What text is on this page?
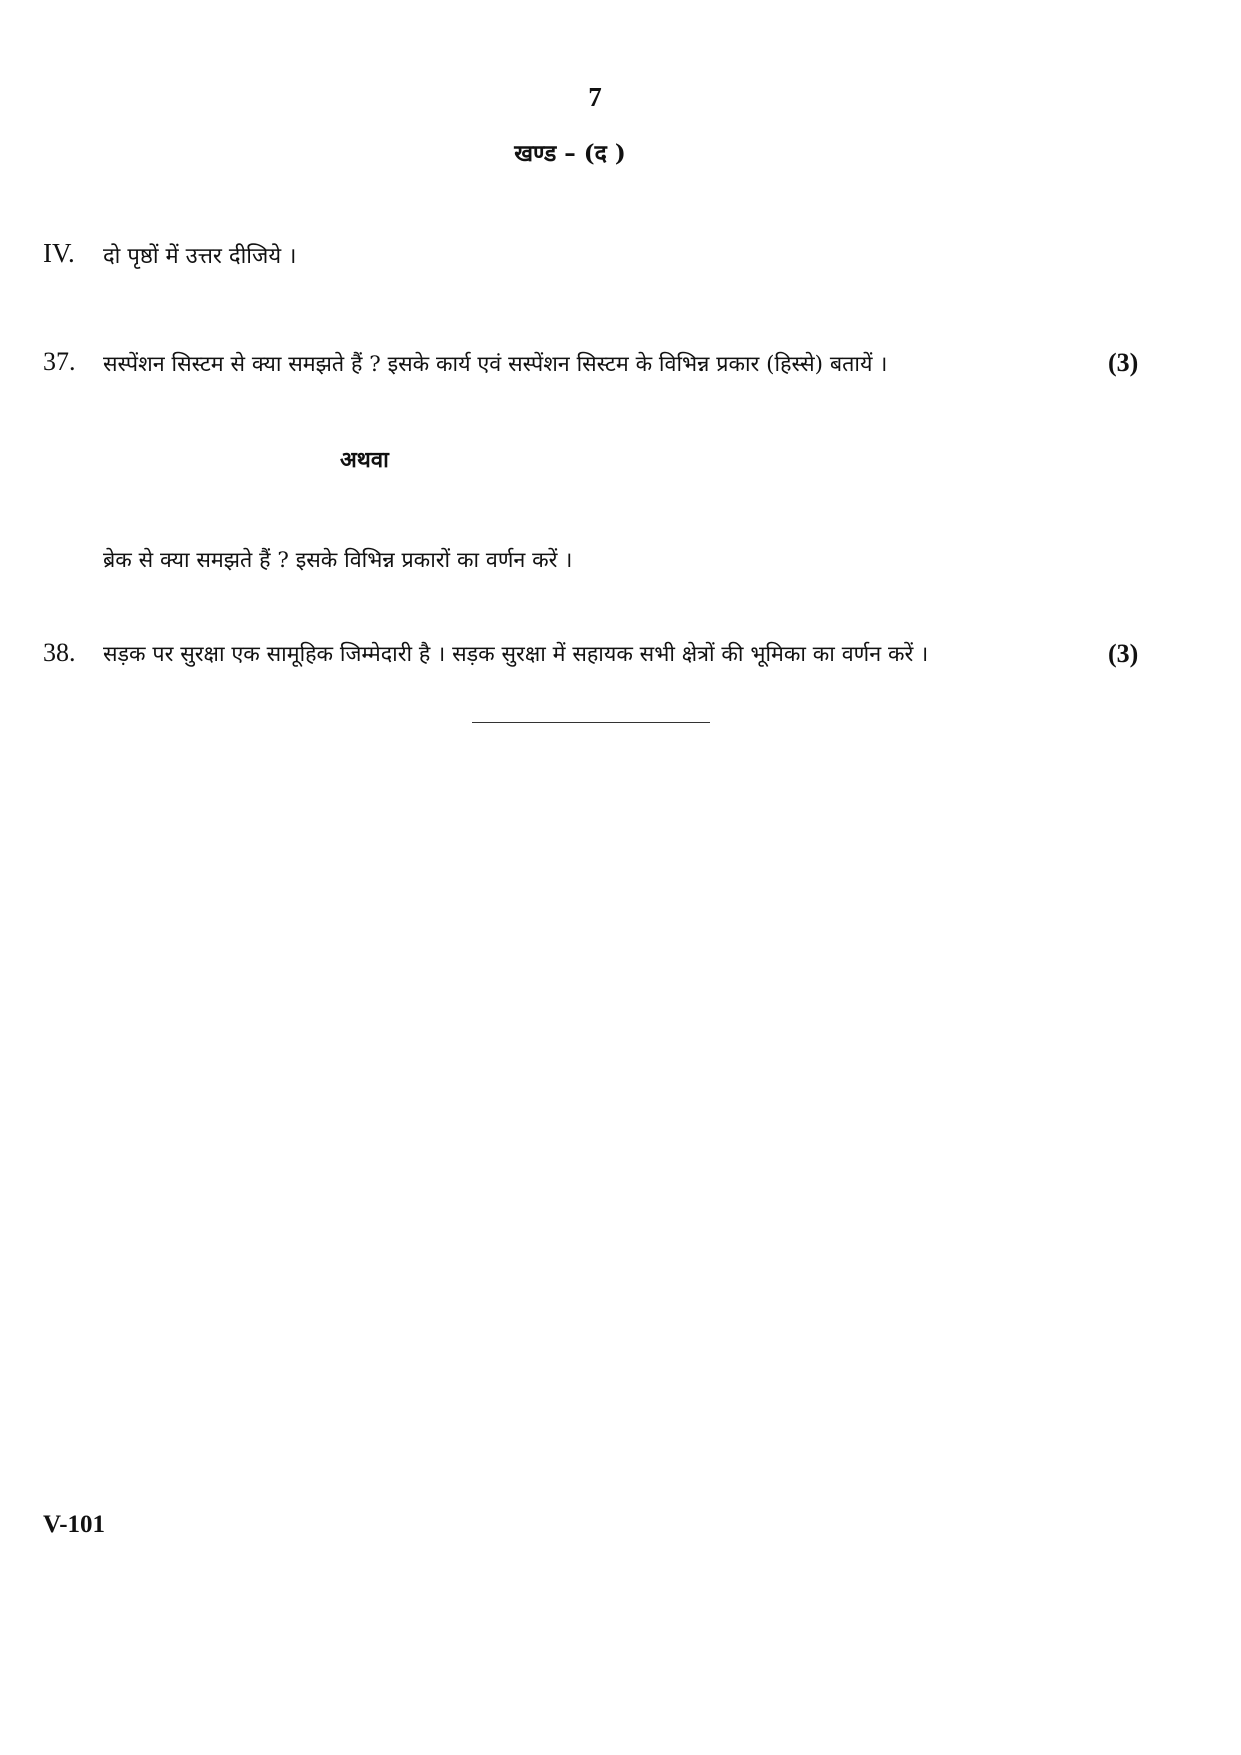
7
खण्ड – (द )
IV. दो पृष्ठों में उत्तर दीजिये ।
37. सस्पेंशन सिस्टम से क्या समझते हैं ? इसके कार्य एवं सस्पेंशन सिस्टम के विभिन्न प्रकार (हिस्से) बतायें ।	(3)
अथवा
ब्रेक से क्या समझते हैं ? इसके विभिन्न प्रकारों का वर्णन करें ।
38. सड़क पर सुरक्षा एक सामूहिक जिम्मेदारी है । सड़क सुरक्षा में सहायक सभी क्षेत्रों की भूमिका का वर्णन करें ।	(3)
V-101
